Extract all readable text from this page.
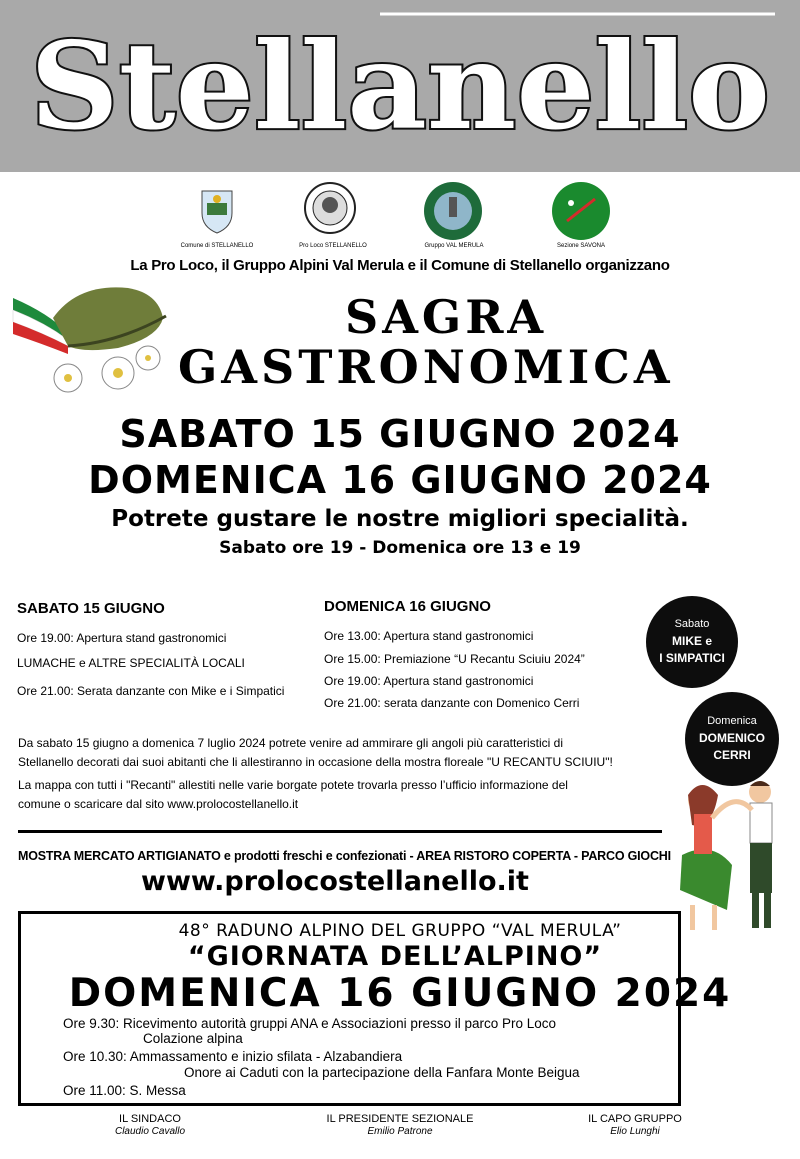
Stellanello
Comune di STELLANELLO	Pro Loco STELLANELLO	Gruppo VAL MERULA	Sezione SAVONA
La Pro Loco, il Gruppo Alpini Val Merula e il Comune di Stellanello organizzano
SAGRA
GASTRONOMICA
SABATO 15 GIUGNO 2024
DOMENICA 16 GIUGNO 2024
Potrete gustare le nostre migliori specialità.
Sabato ore 19 - Domenica ore 13 e 19
SABATO 15 GIUGNO
Ore 19.00: Apertura stand gastronomici
LUMACHE e ALTRE SPECIALITÀ LOCALI
Ore 21.00: Serata danzante con Mike e i Simpatici
DOMENICA 16 GIUGNO
Ore 13.00: Apertura stand gastronomici
Ore 15.00: Premiazione “U Recantu Sciuiu 2024”
Ore 19.00: Apertura stand gastronomici
Ore 21.00: serata danzante con Domenico Cerri
Sabato
MIKE e
I SIMPATICI
Domenica
DOMENICO
CERRI
Da sabato 15 giugno a domenica 7 luglio 2024 potrete venire ad ammirare gli angoli più caratteristici di
Stellanello decorati dai suoi abitanti che li allestiranno in occasione della mostra floreale "U RECANTU SCIUIU"!
La mappa con tutti i "Recanti" allestiti nelle varie borgate potete trovarla presso l’ufficio informazione del
comune o scaricare dal sito www.prolocostellanello.it
MOSTRA MERCATO ARTIGIANATO e prodotti freschi e confezionati - AREA RISTORO COPERTA - PARCO GIOCHI
www.prolocostellanello.it
48° RADUNO ALPINO DEL GRUPPO “VAL MERULA”
“GIORNATA DELL’ALPINO”
DOMENICA 16 GIUGNO 2024
Ore 9.30: Ricevimento autorità gruppi ANA e Associazioni presso il parco Pro Loco
Colazione alpina
Ore 10.30: Ammassamento e inizio sfilata - Alzabandiera
Onore ai Caduti con la partecipazione della Fanfara Monte Beigua
Ore 11.00: S. Messa
IL SINDACO
Claudio Cavallo
IL PRESIDENTE SEZIONALE
Emilio Patrone
IL CAPO GRUPPO
Elio Lunghi
